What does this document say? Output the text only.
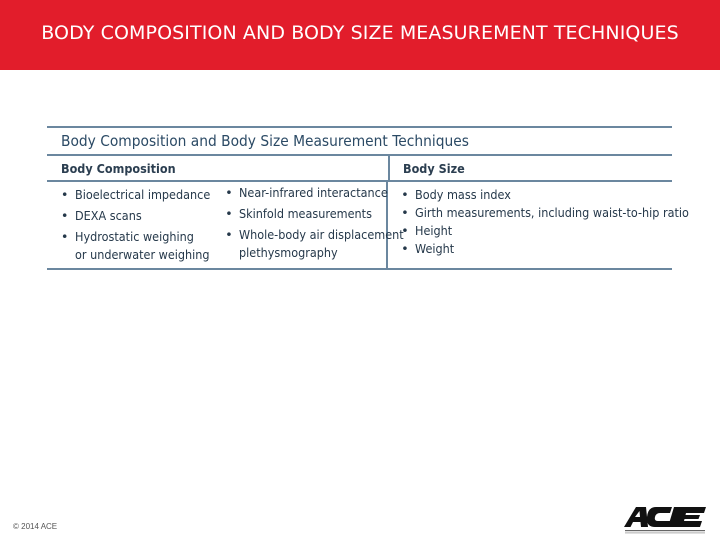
BODY COMPOSITION AND BODY SIZE MEASUREMENT TECHNIQUES
Body Composition and Body Size Measurement Techniques
Body Composition	Body Size
• Bioelectrical impedance
• DEXA scans
• Hydrostatic weighing
or underwater weighing
• Near-infrared interactance
• Skinfold measurements
• Whole-body air displacement
plethysmography
• Body mass index
• Girth measurements, including waist-to-hip ratio
• Height
• Weight
© 2014 ACE
